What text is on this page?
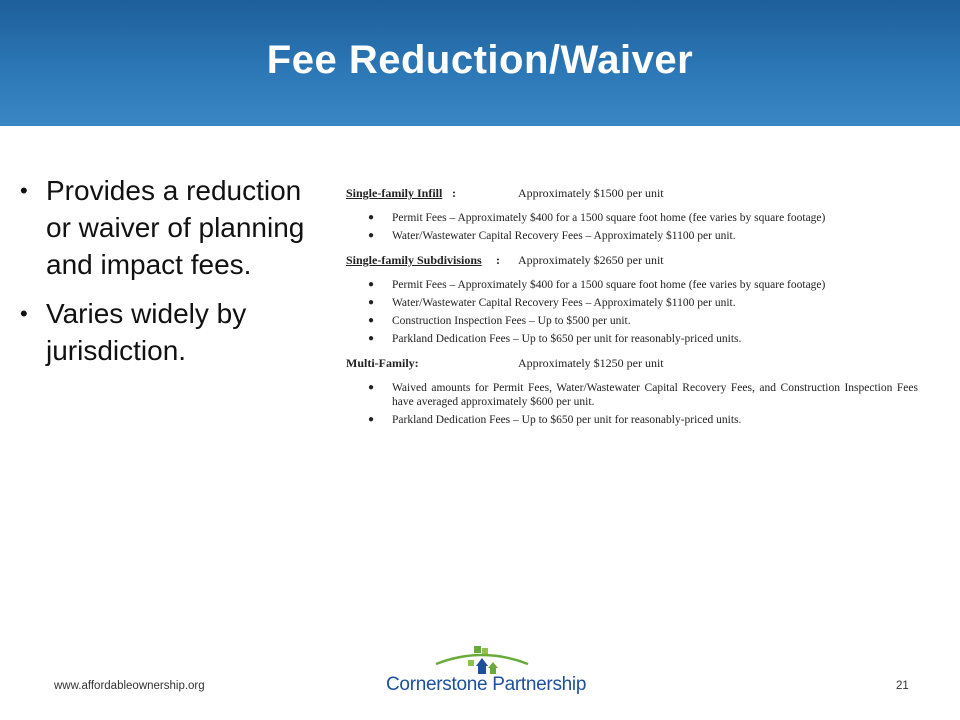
Fee Reduction/Waiver
• Provides a reduction or waiver of planning and impact fees.
• Varies widely by jurisdiction.
Single-family Infill :	Approximately $1500 per unit
● Permit Fees – Approximately $400 for a 1500 square foot home (fee varies by square footage)
● Water/Wastewater Capital Recovery Fees – Approximately $1100 per unit.
Single-family Subdivisions : Approximately $2650 per unit
● Permit Fees – Approximately $400 for a 1500 square foot home (fee varies by square footage)
● Water/Wastewater Capital Recovery Fees – Approximately $1100 per unit.
● Construction Inspection Fees – Up to $500 per unit.
● Parkland Dedication Fees – Up to $650 per unit for reasonably-priced units.
Multi-Family:	Approximately $1250 per unit
● Waived amounts for Permit Fees, Water/Wastewater Capital Recovery Fees, and Construction Inspection Fees have averaged approximately $600 per unit.
● Parkland Dedication Fees – Up to $650 per unit for reasonably-priced units.
www.affordableownership.org	Cornerstone Partnership	21
